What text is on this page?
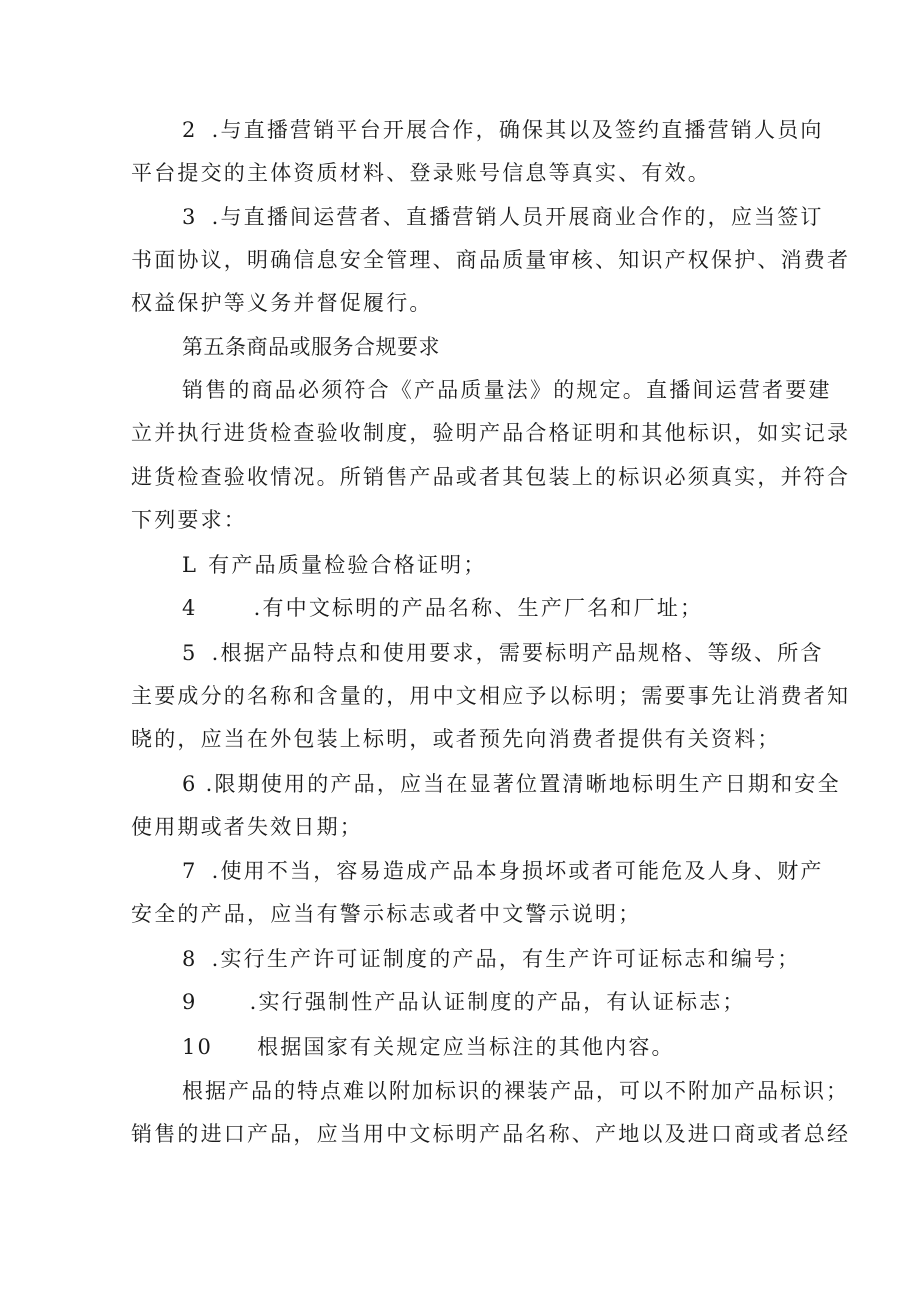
2 .与直播营销平台开展合作，确保其以及签约直播营销人员向
平台提交的主体资质材料、登录账号信息等真实、有效。
3 .与直播间运营者、直播营销人员开展商业合作的，应当签订
书面协议，明确信息安全管理、商品质量审核、知识产权保护、消费者
权益保护等义务并督促履行。
第五条商品或服务合规要求
销售的商品必须符合《产品质量法》的规定。直播间运营者要建
立并执行进货检查验收制度，验明产品合格证明和其他标识，如实记录
进货检查验收情况。所销售产品或者其包装上的标识必须真实，并符合
下列要求：
L 有产品质量检验合格证明；
4	.有中文标明的产品名称、生产厂名和厂址；
5 .根据产品特点和使用要求，需要标明产品规格、等级、所含
主要成分的名称和含量的，用中文相应予以标明；需要事先让消费者知
晓的，应当在外包装上标明，或者预先向消费者提供有关资料；
6 .限期使用的产品，应当在显著位置清晰地标明生产日期和安全
使用期或者失效日期；
7 .使用不当，容易造成产品本身损坏或者可能危及人身、财产
安全的产品，应当有警示标志或者中文警示说明；
8 .实行生产许可证制度的产品，有生产许可证标志和编号；
9 .实行强制性产品认证制度的产品，有认证标志；
10 根据国家有关规定应当标注的其他内容。
根据产品的特点难以附加标识的裸装产品，可以不附加产品标识；
销售的进口产品，应当用中文标明产品名称、产地以及进口商或者总经
